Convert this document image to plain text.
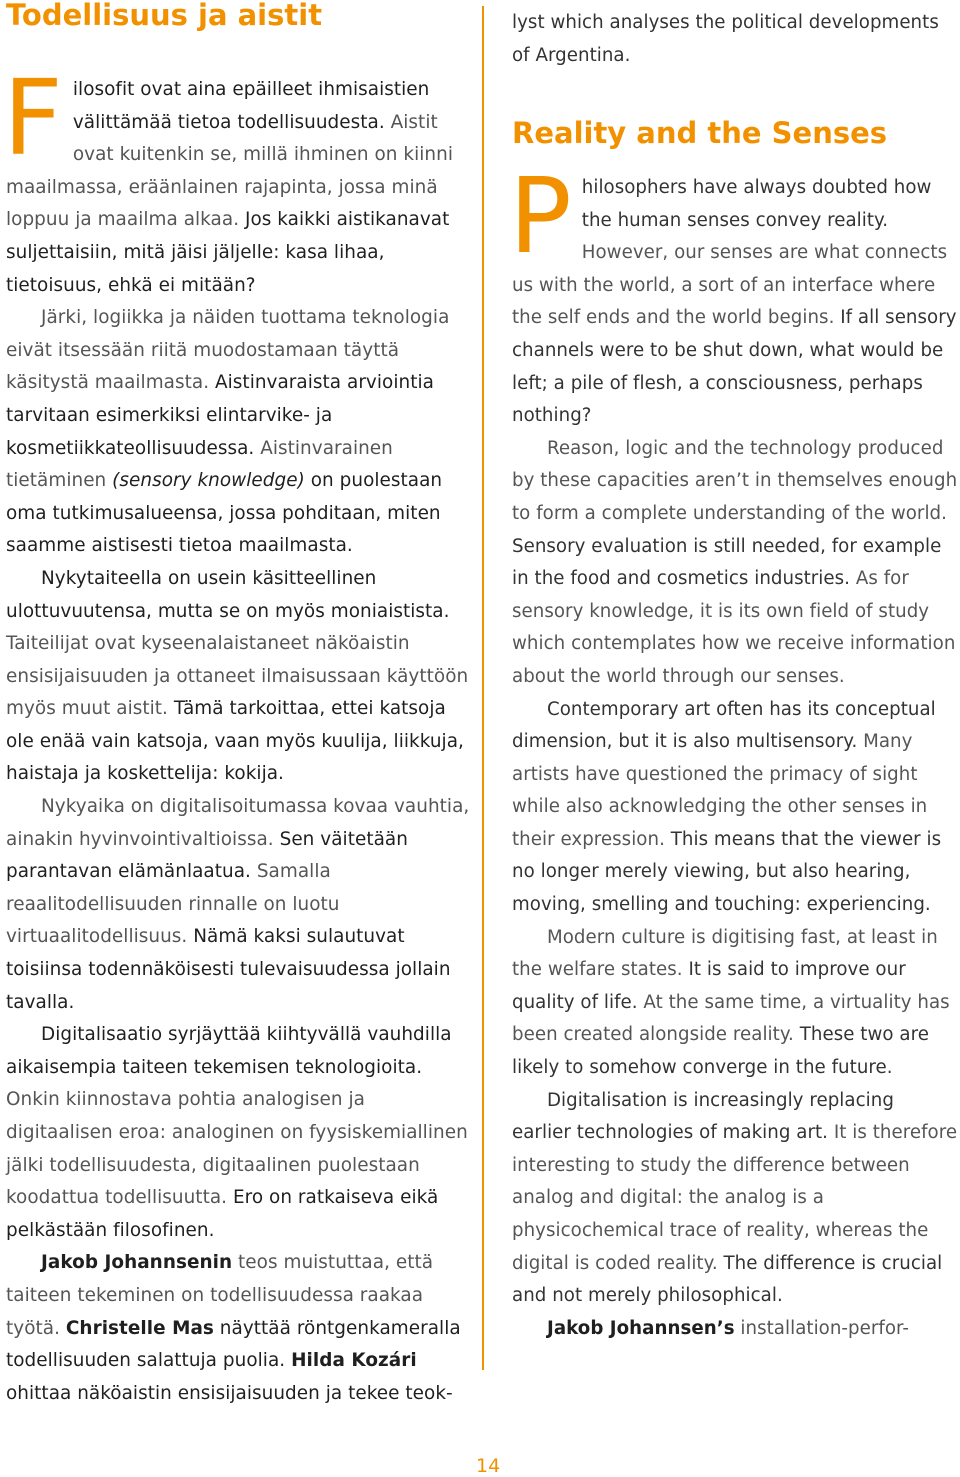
Todellisuus ja aistit

Filosofit ovat aina epäilleet ihmisaistien välittämää tietoa todellisuudesta. Aistit ovat kuitenkin se, millä ihminen on kiinni maailmassa, eräänlainen rajapinta, jossa minä loppuu ja maailma alkaa. Jos kaikki aistikanavat suljettaisiin, mitä jäisi jäljelle: kasa lihaa, tietoisuus, ehkä ei mitään?

Järki, logiikka ja näiden tuottama teknologia eivät itsessään riitä muodostamaan täyttä käsitystä maailmasta. Aistinvaraista arviointia tarvitaan esimerkiksi elintarvike- ja kosmetiikkateollisuudessa. Aistinvarainen tietäminen (sensory knowledge) on puolestaan oma tutkimusalueensa, jossa pohditaan, miten saamme aistisesti tietoa maailmasta.

Nykytaiteella on usein käsitteellinen ulottuvuutensa, mutta se on myös moniaistista. Taiteilijat ovat kyseenalaistaneet näköaistin ensisijaisuuden ja ottaneet ilmaisussaan käyttöön myös muut aistit. Tämä tarkoittaa, ettei katsoja ole enää vain katsoja, vaan myös kuulija, liikkuja, haistaja ja koskettelija: kokija.

Nykyaika on digitalisoitumassa kovaa vauhtia, ainakin hyvinvointivaltioissa. Sen väitetään parantavan elämänlaatua. Samalla reaalitodellisuuden rinnalle on luotu virtuaalitodellisuus. Nämä kaksi sulautuvat toisiinsa todennäköisesti tulevaisuudessa jollain tavalla.

Digitalisaatio syrjäyttää kiihtyvällä vauhdilla aikaisempia taiteen tekemisen teknologioita. Onkin kiinnostava pohtia analogisen ja digitaalisen eroa: analoginen on fyysiskemiallinen jälki todellisuudesta, digitaalinen puolestaan koodattua todellisuutta. Ero on ratkaiseva eikä pelkästään filosofinen.

Jakob Johannsenin teos muistuttaa, että taiteen tekeminen on todellisuudessa raakaa työtä. Christelle Mas näyttää röntgenkameralla todellisuuden salattuja puolia. Hilda Kozári ohittaa näköaistin ensisijaisuuden ja tekee teok-

lyst which analyses the political developments of Argentina.

Reality and the Senses

Philosophers have always doubted how the human senses convey reality. However, our senses are what connects us with the world, a sort of an interface where the self ends and the world begins. If all sensory channels were to be shut down, what would be left; a pile of flesh, a consciousness, perhaps nothing?

Reason, logic and the technology produced by these capacities aren’t in themselves enough to form a complete understanding of the world. Sensory evaluation is still needed, for example in the food and cosmetics industries. As for sensory knowledge, it is its own field of study which contemplates how we receive information about the world through our senses.

Contemporary art often has its conceptual dimension, but it is also multisensory. Many artists have questioned the primacy of sight while also acknowledging the other senses in their expression. This means that the viewer is no longer merely viewing, but also hearing, moving, smelling and touching: experiencing.

Modern culture is digitising fast, at least in the welfare states. It is said to improve our quality of life. At the same time, a virtuality has been created alongside reality. These two are likely to somehow converge in the future.

Digitalisation is increasingly replacing earlier technologies of making art. It is therefore interesting to study the difference between analog and digital: the analog is a physicochemical trace of reality, whereas the digital is coded reality. The difference is crucial and not merely philosophical.

Jakob Johannsen’s installation-perfor-

14
